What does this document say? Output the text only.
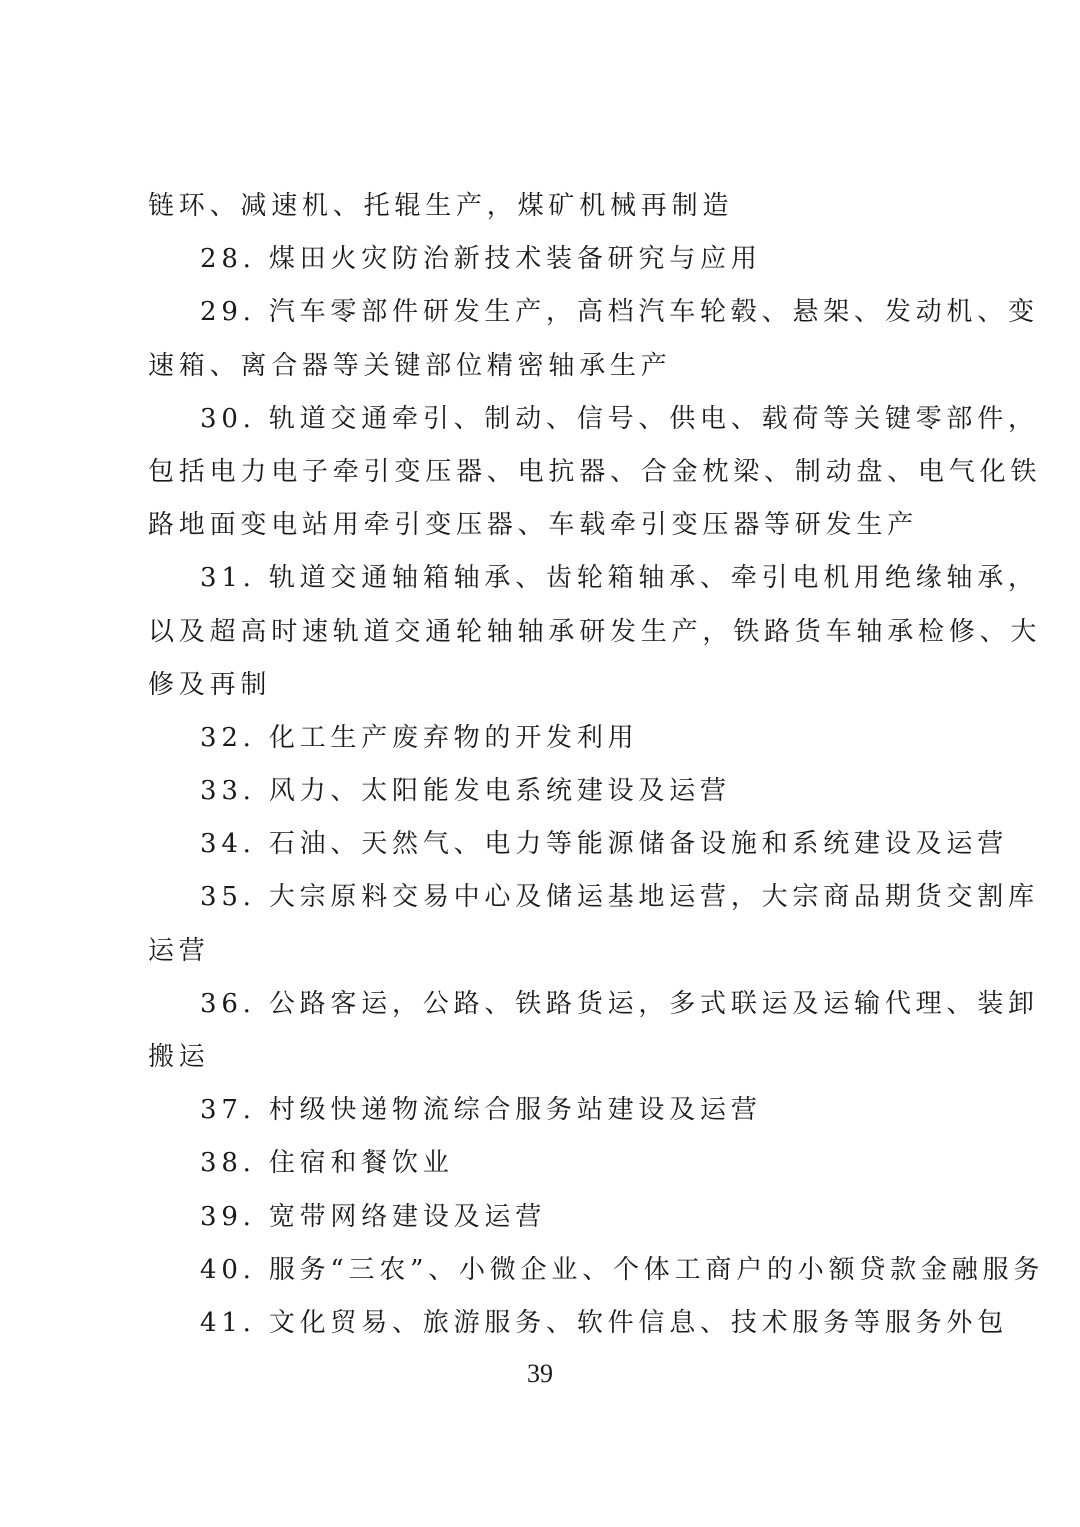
链环、减速机、托辊生产，煤矿机械再制造
28. 煤田火灾防治新技术装备研究与应用
29. 汽车零部件研发生产，高档汽车轮毂、悬架、发动机、变
速箱、离合器等关键部位精密轴承生产
30. 轨道交通牵引、制动、信号、供电、载荷等关键零部件，
包括电力电子牵引变压器、电抗器、合金枕梁、制动盘、电气化铁
路地面变电站用牵引变压器、车载牵引变压器等研发生产
31. 轨道交通轴箱轴承、齿轮箱轴承、牵引电机用绝缘轴承，
以及超高时速轨道交通轮轴轴承研发生产，铁路货车轴承检修、大
修及再制
32. 化工生产废弃物的开发利用
33. 风力、太阳能发电系统建设及运营
34. 石油、天然气、电力等能源储备设施和系统建设及运营
35. 大宗原料交易中心及储运基地运营，大宗商品期货交割库
运营
36. 公路客运，公路、铁路货运，多式联运及运输代理、装卸
搬运
37. 村级快递物流综合服务站建设及运营
38. 住宿和餐饮业
39. 宽带网络建设及运营
40. 服务“三农”、小微企业、个体工商户的小额贷款金融服务
41. 文化贸易、旅游服务、软件信息、技术服务等服务外包
39
